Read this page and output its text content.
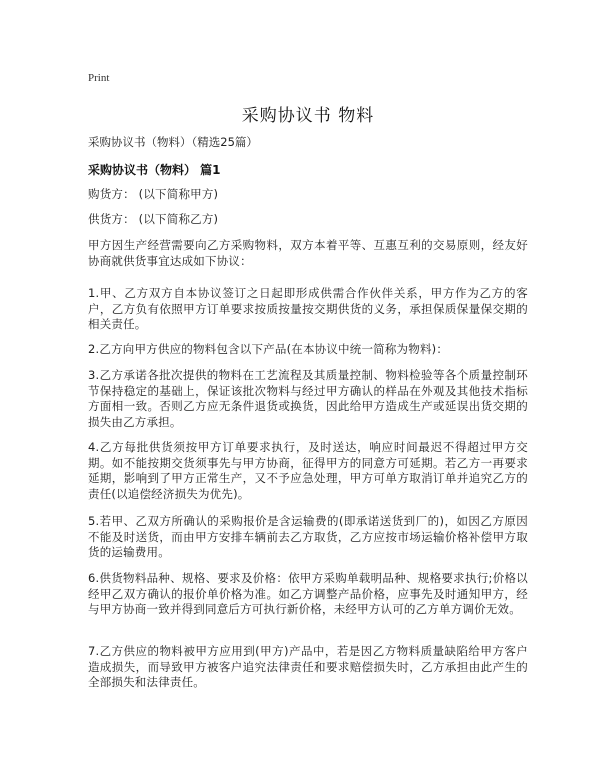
Print
采购协议书 物料

采购协议书（物料）（精选25篇）

采购协议书（物料） 篇1

购货方： (以下简称甲方)

供货方： (以下简称乙方)

甲方因生产经营需要向乙方采购物料，双方本着平等、互惠互利的交易原则，经友好协商就供货事宜达成如下协议：

1.甲、乙方双方自本协议签订之日起即形成供需合作伙伴关系，甲方作为乙方的客户，乙方负有依照甲方订单要求按质按量按交期供货的义务，承担保质保量保交期的相关责任。

2.乙方向甲方供应的物料包含以下产品(在本协议中统一简称为物料)：

3.乙方承诺各批次提供的物料在工艺流程及其质量控制、物料检验等各个质量控制环节保持稳定的基础上，保证该批次物料与经过甲方确认的样品在外观及其他技术指标方面相一致。否则乙方应无条件退货或换货，因此给甲方造成生产或延误出货交期的损失由乙方承担。

4.乙方每批供货须按甲方订单要求执行，及时送达，响应时间最迟不得超过甲方交期。如不能按期交货须事先与甲方协商，征得甲方的同意方可延期。若乙方一再要求延期，影响到了甲方正常生产，又不予应急处理，甲方可单方取消订单并追究乙方的责任(以追偿经济损失为优先)。

5.若甲、乙双方所确认的采购报价是含运输费的(即承诺送货到厂的)，如因乙方原因不能及时送货，而由甲方安排车辆前去乙方取货，乙方应按市场运输价格补偿甲方取货的运输费用。

6.供货物料品种、规格、要求及价格：依甲方采购单载明品种、规格要求执行;价格以经甲乙双方确认的报价单价格为准。如乙方调整产品价格，应事先及时通知甲方，经与甲方协商一致并得到同意后方可执行新价格，未经甲方认可的乙方单方调价无效。

7.乙方供应的物料被甲方应用到(甲方)产品中，若是因乙方物料质量缺陷给甲方客户造成损失，而导致甲方被客户追究法律责任和要求赔偿损失时，乙方承担由此产生的全部损失和法律责任。
